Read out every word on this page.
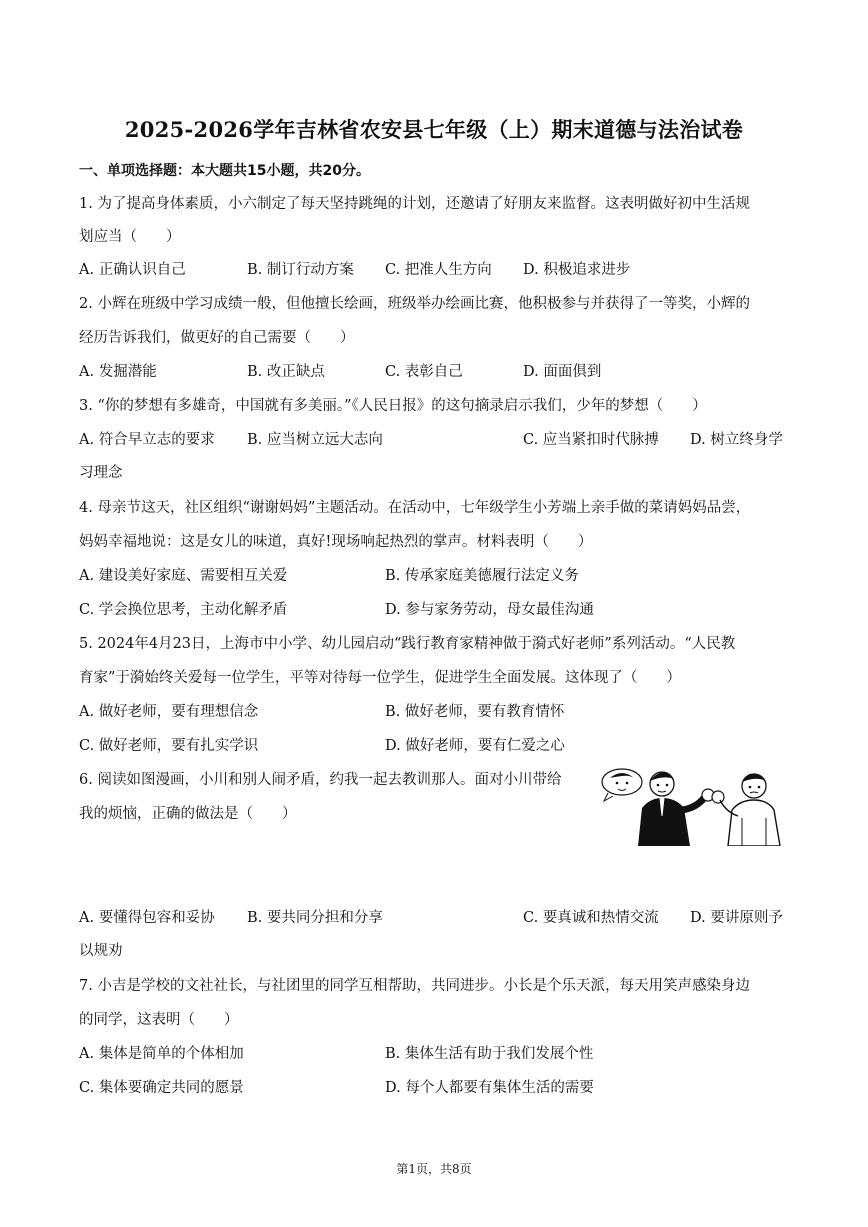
2025-2026学年吉林省农安县七年级（上）期末道德与法治试卷
一、单项选择题：本大题共15小题，共20分。
1. 为了提高身体素质，小六制定了每天坚持跳绳的计划，还邀请了好朋友来监督。这表明做好初中生活规
划应当（　　）
A. 正确认识自己	B. 制订行动方案 C. 把准人生方向 D. 积极追求进步
2. 小辉在班级中学习成绩一般，但他擅长绘画，班级举办绘画比赛，他积极参与并获得了一等奖，小辉的
经历告诉我们，做更好的自己需要（　　）
A. 发掘潜能	B. 改正缺点	C. 表彰自己	D. 面面俱到
3. “你的梦想有多雄奇，中国就有多美丽。”《人民日报》的这句摘录启示我们，少年的梦想（　　）
A. 符合早立志的要求 B. 应当树立远大志向	C. 应当紧扣时代脉搏 D. 树立终身学
习理念
4. 母亲节这天，社区组织“谢谢妈妈”主题活动。在活动中，七年级学生小芳端上亲手做的菜请妈妈品尝，
妈妈幸福地说：这是女儿的味道，真好!现场响起热烈的掌声。材料表明（　　）
A. 建设美好家庭、需要相互关爱	B. 传承家庭美德履行法定义务
C. 学会换位思考，主动化解矛盾	D. 参与家务劳动，母女最佳沟通
5. 2024年4月23日，上海市中小学、幼儿园启动“践行教育家精神做于漪式好老师”系列活动。“人民教
育家”于漪始终关爱每一位学生，平等对待每一位学生，促进学生全面发展。这体现了（　　）
A. 做好老师，要有理想信念	B. 做好老师，要有教育情怀
C. 做好老师，要有扎实学识	D. 做好老师，要有仁爱之心
6. 阅读如图漫画，小川和别人闹矛盾，约我一起去教训那人。面对小川带给
我的烦恼，正确的做法是（　　）
A. 要懂得包容和妥协 B. 要共同分担和分享	C. 要真诚和热情交流 D. 要讲原则予
以规劝
7. 小吉是学校的文社社长，与社团里的同学互相帮助，共同进步。小长是个乐天派，每天用笑声感染身边
的同学，这表明（　　）
A. 集体是简单的个体相加	B. 集体生活有助于我们发展个性
C. 集体要确定共同的愿景	D. 每个人都要有集体生活的需要
第1页，共8页
